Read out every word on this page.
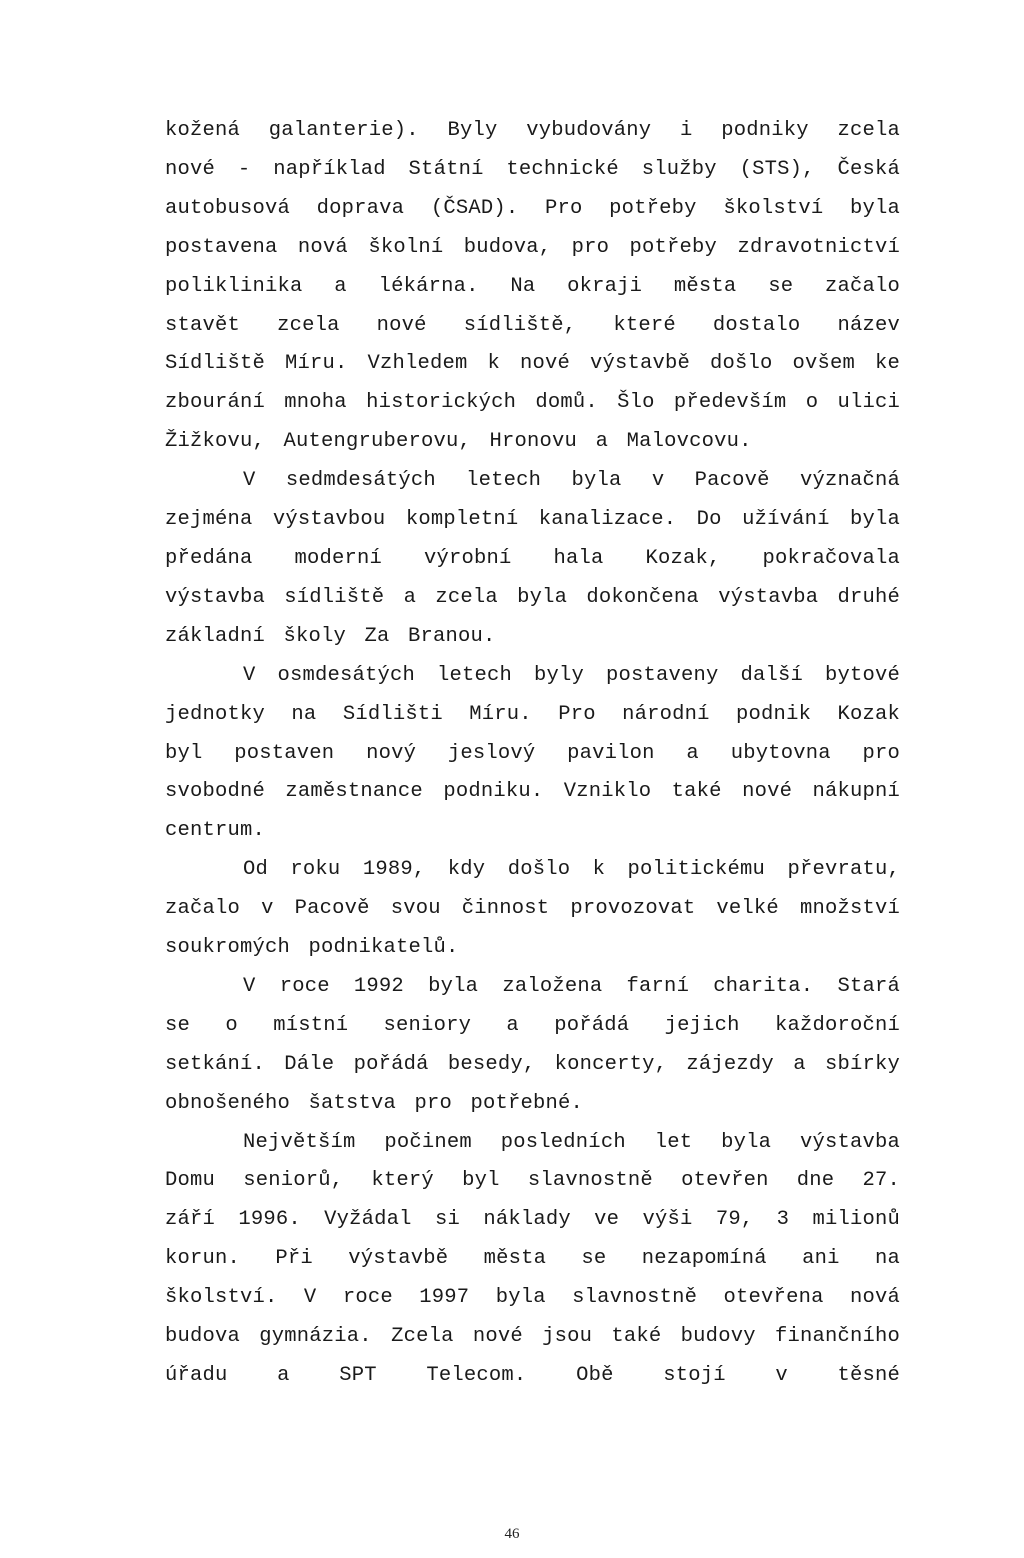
kožená galanterie). Byly vybudovány i podniky zcela nové - například Státní technické služby (STS), Česká autobusová doprava (ČSAD). Pro potřeby školství byla postavena nová školní budova, pro potřeby zdravotnictví poliklinika a lékárna. Na okraji města se začalo stavět zcela nové sídliště, které dostalo název Sídliště Míru. Vzhledem k nové výstavbě došlo ovšem ke zbourání mnoha historických domů. Šlo především o ulici Žižkovu, Autengruberovu, Hronovu a Malovcovu.

V sedmdesátých letech byla v Pacově význačná zejména výstavbou kompletní kanalizace. Do užívání byla předána moderní výrobní hala Kozak, pokračovala výstavba sídliště a zcela byla dokončena výstavba druhé základní školy Za Branou.

V osmdesátých letech byly postaveny další bytové jednotky na Sídlišti Míru. Pro národní podnik Kozak byl postaven nový jeslový pavilon a ubytovna pro svobodné zaměstnance podniku. Vzniklo také nové nákupní centrum.

Od roku 1989, kdy došlo k politickému převratu, začalo v Pacově svou činnost provozovat velké množství soukromých podnikatelů.

V roce 1992 byla založena farní charita. Stará se o místní seniory a pořádá jejich každoroční setkání. Dále pořádá besedy, koncerty, zájezdy a sbírky obnošeného šatstva pro potřebné.

Největším počinem posledních let byla výstavba Domu seniorů, který byl slavnostně otevřen dne 27. září 1996. Vyžádal si náklady ve výši 79, 3 milionů korun. Při výstavbě města se nezapomíná ani na školství. V roce 1997 byla slavnostně otevřena nová budova gymnázia. Zcela nové jsou také budovy finančního úřadu a SPT Telecom. Obě stojí v těsné

46
